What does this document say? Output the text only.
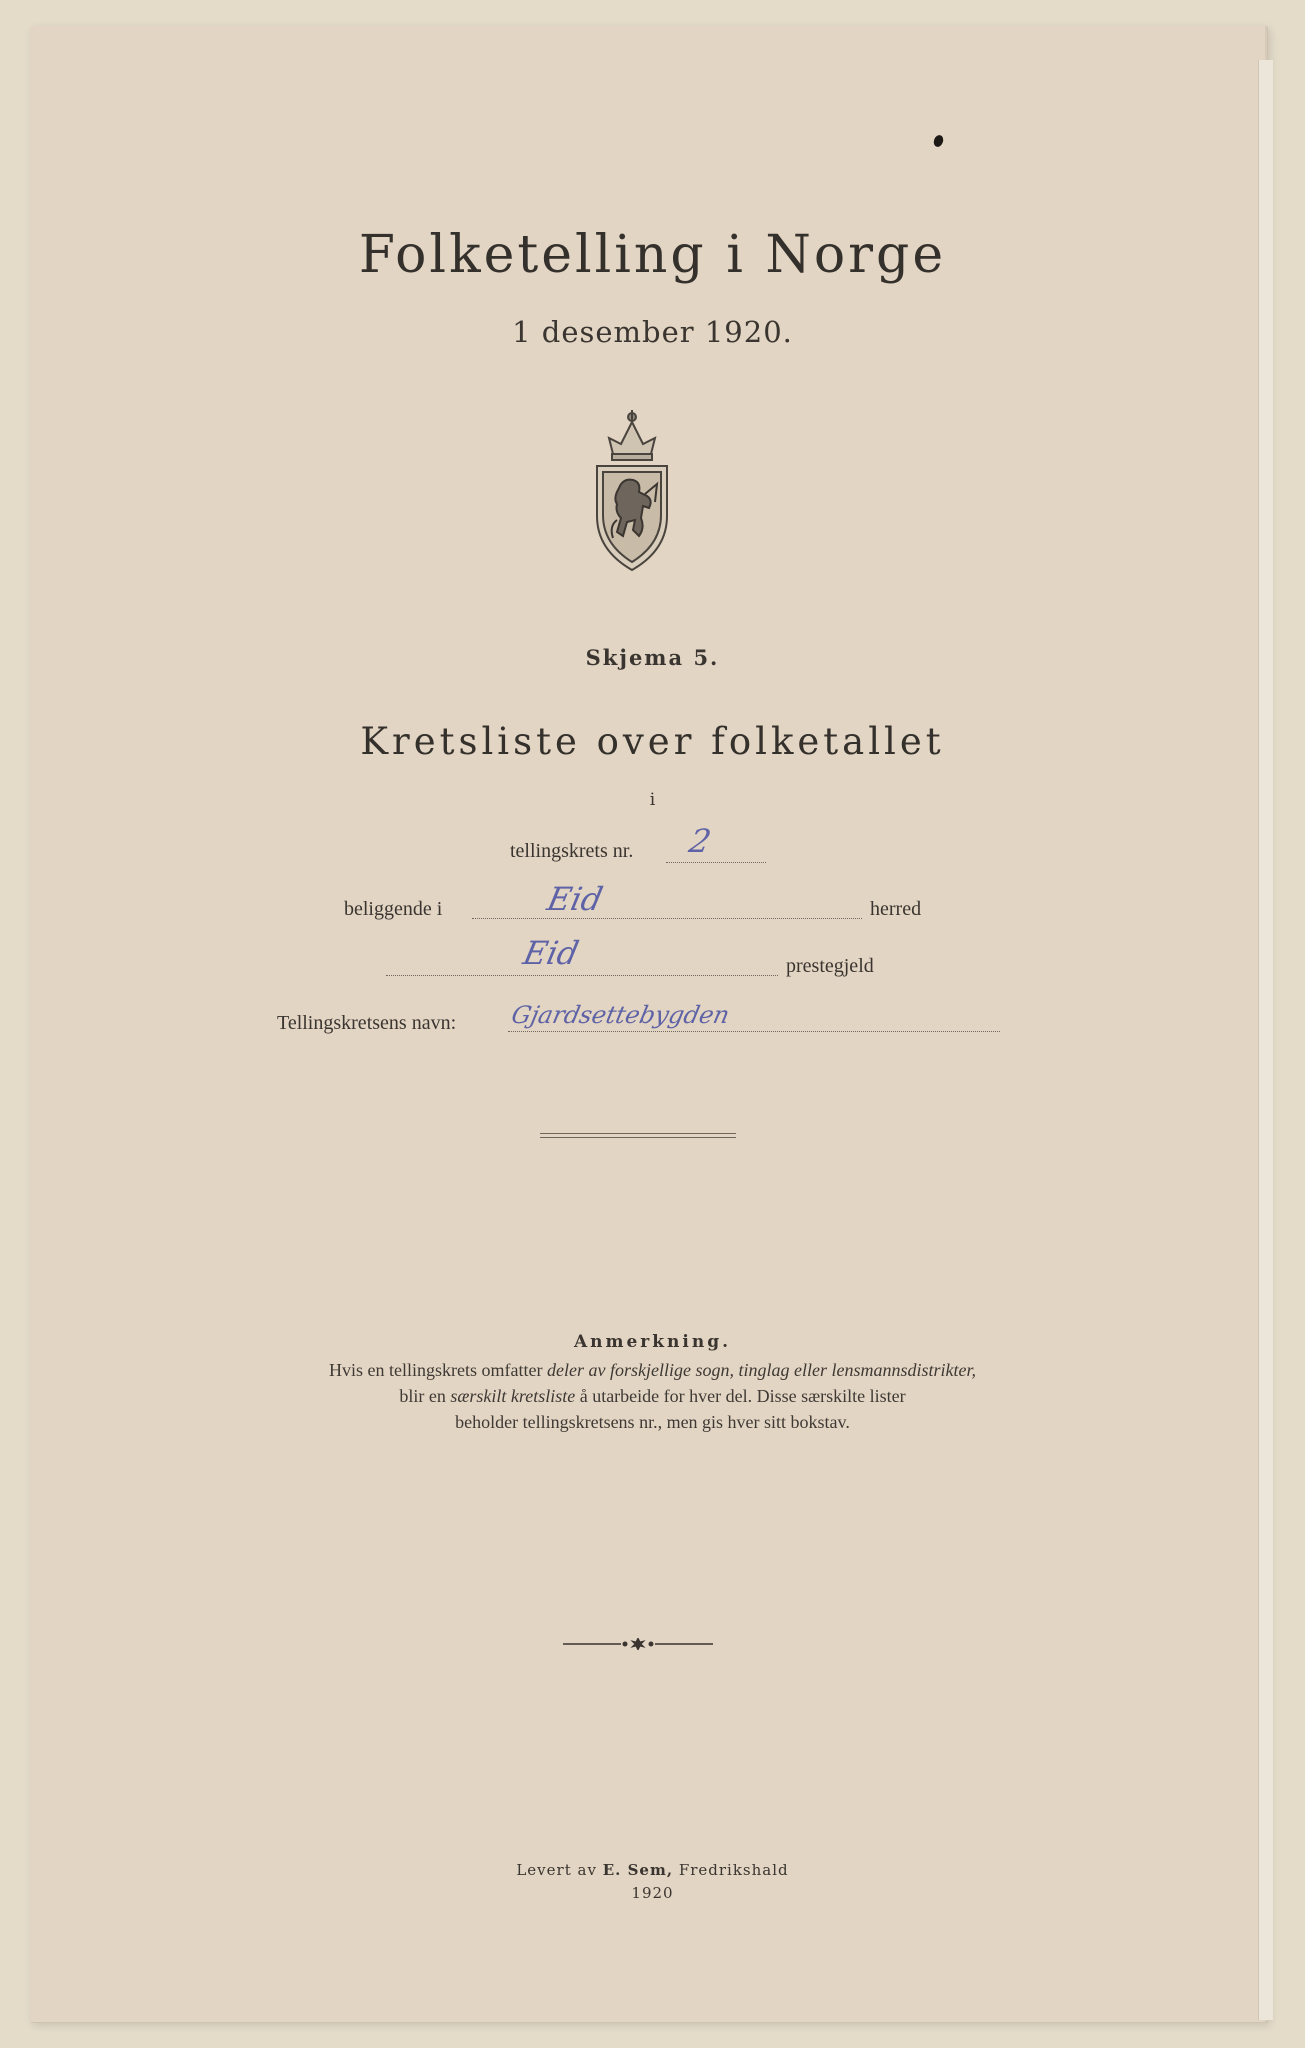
Folketelling i Norge
1 desember 1920.
Skjema 5.
Kretsliste over folketallet
i
tellingskrets nr. 2
beliggende i	Eid	herred
Eid	prestegjeld
Tellingskretsens navn: Gjardsettebygden
Anmerkning.
Hvis en tellingskrets omfatter deler av forskjellige sogn, tinglag eller lensmannsdistrikter,
blir en særskilt kretsliste å utarbeide for hver del. Disse særskilte lister
beholder tellingskretsens nr., men gis hver sitt bokstav.
Levert av E. Sem, Fredrikshald
1920
